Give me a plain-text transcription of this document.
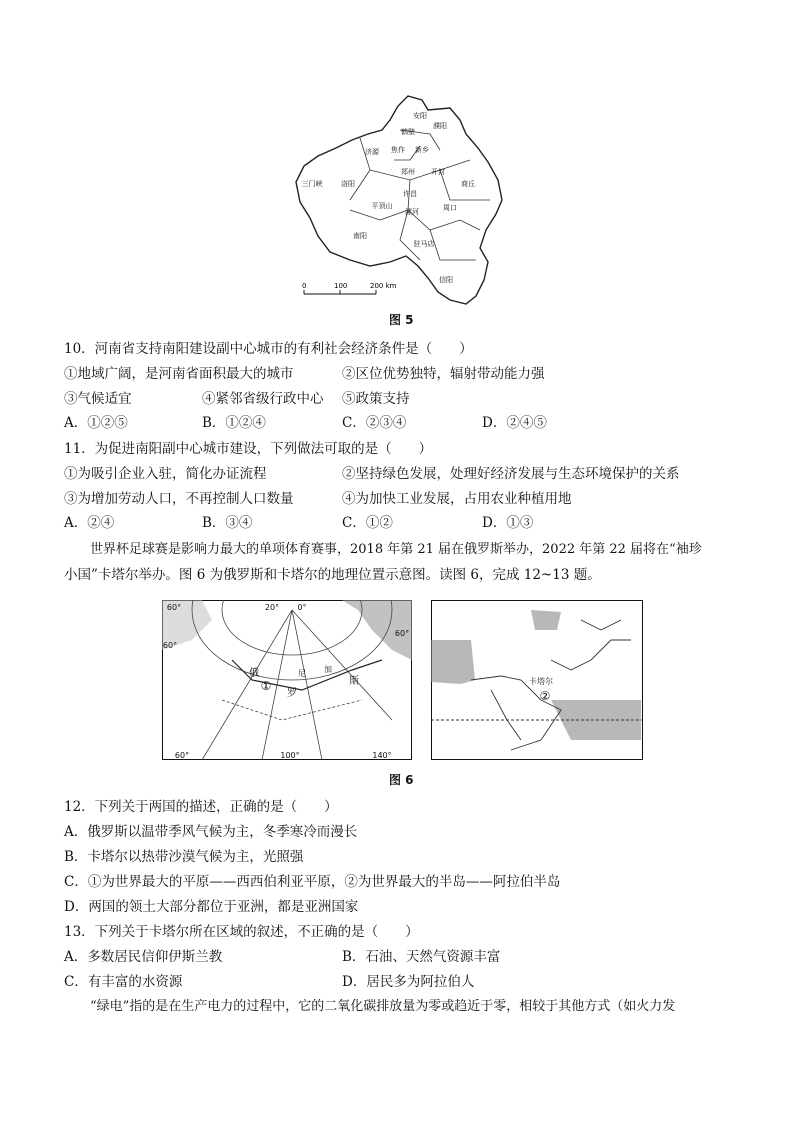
安阳
濮阳
鹤壁
济源 焦作 新乡
三门峡	洛阳
郑州 开封
商丘
平顶山
许昌
漯河	周口
南阳
驻马店
信阳
0	100	200 km
图 5
10．河南省支持南阳建设副中心城市的有利社会经济条件是（　　）
①地域广阔，是河南省面积最大的城市	②区位优势独特，辐射带动能力强
③气候适宜	④紧邻省级行政中心 ⑤政策支持
A．①②⑤	B．①②④	C．②③④	D．②④⑤
11．为促进南阳副中心城市建设，下列做法可取的是（　　）
①为吸引企业入驻，简化办证流程	②坚持绿色发展，处理好经济发展与生态环境保护的关系
③为增加劳动人口，不再控制人口数量	④为加快工业发展，占用农业种植用地
A．②④	B．③④	C．①②	D．①③
世界杯足球赛是影响力最大的单项体育赛事，2018 年第 21 届在俄罗斯举办，2022 年第 22 届将在“袖珍
小国”卡塔尔举办。图 6 为俄罗斯和卡塔尔的地理位置示意图。读图 6，完成 12~13 题。
60°	20° 0°
60°
60°
60°	100°	140°
①
俄
罗
斯
尼 加
卡塔尔
②
图 6
12．下列关于两国的描述，正确的是（　　）
A．俄罗斯以温带季风气候为主，冬季寒冷而漫长
B．卡塔尔以热带沙漠气候为主，光照强
C．①为世界最大的平原——西西伯利亚平原，②为世界最大的半岛——阿拉伯半岛
D．两国的领土大部分都位于亚洲，都是亚洲国家
13．下列关于卡塔尔所在区域的叙述，不正确的是（　　）
A．多数居民信仰伊斯兰教	B．石油、天然气资源丰富
C．有丰富的水资源	D．居民多为阿拉伯人
“绿电”指的是在生产电力的过程中，它的二氧化碳排放量为零或趋近于零，相较于其他方式（如火力发
